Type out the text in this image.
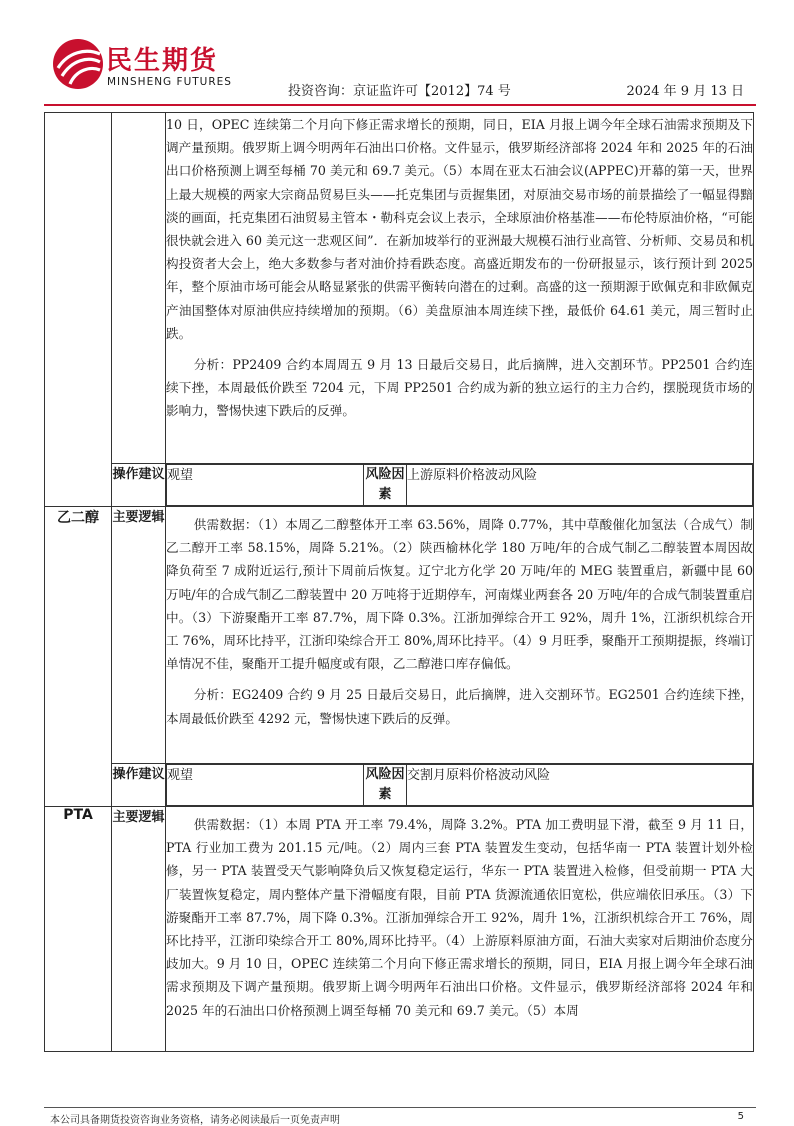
民生期货
MINSHENG FUTURES
投资咨询：京证监许可【2012】74 号	2024 年 9 月 13 日

10 日，OPEC 连续第二个月向下修正需求增长的预期，同日，EIA 月报上调今年全球石油需求预期及下调产量预期。俄罗斯上调今明两年石油出口价格。文件显示，俄罗斯经济部将 2024 年和 2025 年的石油出口价格预测上调至每桶 70 美元和 69.7 美元。（5）本周在亚太石油会议(APPEC)开幕的第一天，世界上最大规模的两家大宗商品贸易巨头——托克集团与贡握集团，对原油交易市场的前景描绘了一幅显得黯淡的画面，托克集团石油贸易主管本・勒科克会议上表示，全球原油价格基准——布伦特原油价格，“可能很快就会进入 60 美元这一悲观区间”．在新加坡举行的亚洲最大规模石油行业高管、分析师、交易员和机构投资者大会上，绝大多数参与者对油价持看跌态度。高盛近期发布的一份研报显示，该行预计到 2025 年，整个原油市场可能会从略显紧张的供需平衡转向潜在的过剩。高盛的这一预期源于欧佩克和非欧佩克产油国整体对原油供应持续增加的预期。（6）美盘原油本周连续下挫，最低价 64.61 美元，周三暂时止跌。

分析：PP2409 合约本周周五 9 月 13 日最后交易日，此后摘牌，进入交割环节。PP2501 合约连续下挫，本周最低价跌至 7204 元，下周 PP2501 合约成为新的独立运行的主力合约，摆脱现货市场的影响力，警惕快速下跌后的反弹。

操作建议	观望	风险因素	上游原料价格波动风险

乙二醇	主要逻辑	供需数据：（1）本周乙二醇整体开工率 63.56%，周降 0.77%，其中草酸催化加氢法（合成气）制乙二醇开工率 58.15%，周降 5.21%。（2）陕西榆林化学 180 万吨/年的合成气制乙二醇装置本周因故降负荷至 7 成附近运行,预计下周前后恢复。辽宁北方化学 20 万吨/年的 MEG 装置重启，新疆中昆 60 万吨/年的合成气制乙二醇装置中 20 万吨将于近期停车，河南煤业两套各 20 万吨/年的合成气制装置重启中。（3）下游聚酯开工率 87.7%，周下降 0.3%。江浙加弹综合开工 92%，周升 1%，江浙织机综合开工 76%，周环比持平，江浙印染综合开工 80%,周环比持平。（4）9 月旺季，聚酯开工预期提振，终端订单情况不佳，聚酯开工提升幅度或有限，乙二醇港口库存偏低。

分析：EG2409 合约 9 月 25 日最后交易日，此后摘牌，进入交割环节。EG2501 合约连续下挫，本周最低价跌至 4292 元，警惕快速下跌后的反弹。

操作建议	观望	风险因素	交割月原料价格波动风险

PTA	主要逻辑	供需数据：（1）本周 PTA 开工率 79.4%，周降 3.2%。PTA 加工费明显下滑，截至 9 月 11 日，PTA 行业加工费为 201.15 元/吨。（2）周内三套 PTA 装置发生变动，包括华南一 PTA 装置计划外检修，另一 PTA 装置受天气影响降负后又恢复稳定运行，华东一 PTA 装置进入检修，但受前期一 PTA 大厂装置恢复稳定，周内整体产量下滑幅度有限，目前 PTA 货源流通依旧宽松，供应端依旧承压。（3）下游聚酯开工率 87.7%，周下降 0.3%。江浙加弹综合开工 92%，周升 1%，江浙织机综合开工 76%，周环比持平，江浙印染综合开工 80%,周环比持平。（4）上游原料原油方面，石油大卖家对后期油价态度分歧加大。9 月 10 日，OPEC 连续第二个月向下修正需求增长的预期，同日，EIA 月报上调今年全球石油需求预期及下调产量预期。俄罗斯上调今明两年石油出口价格。文件显示，俄罗斯经济部将 2024 年和 2025 年的石油出口价格预测上调至每桶 70 美元和 69.7 美元。（5）本周

本公司具备期货投资咨询业务资格，请务必阅读最后一页免责声明	5
